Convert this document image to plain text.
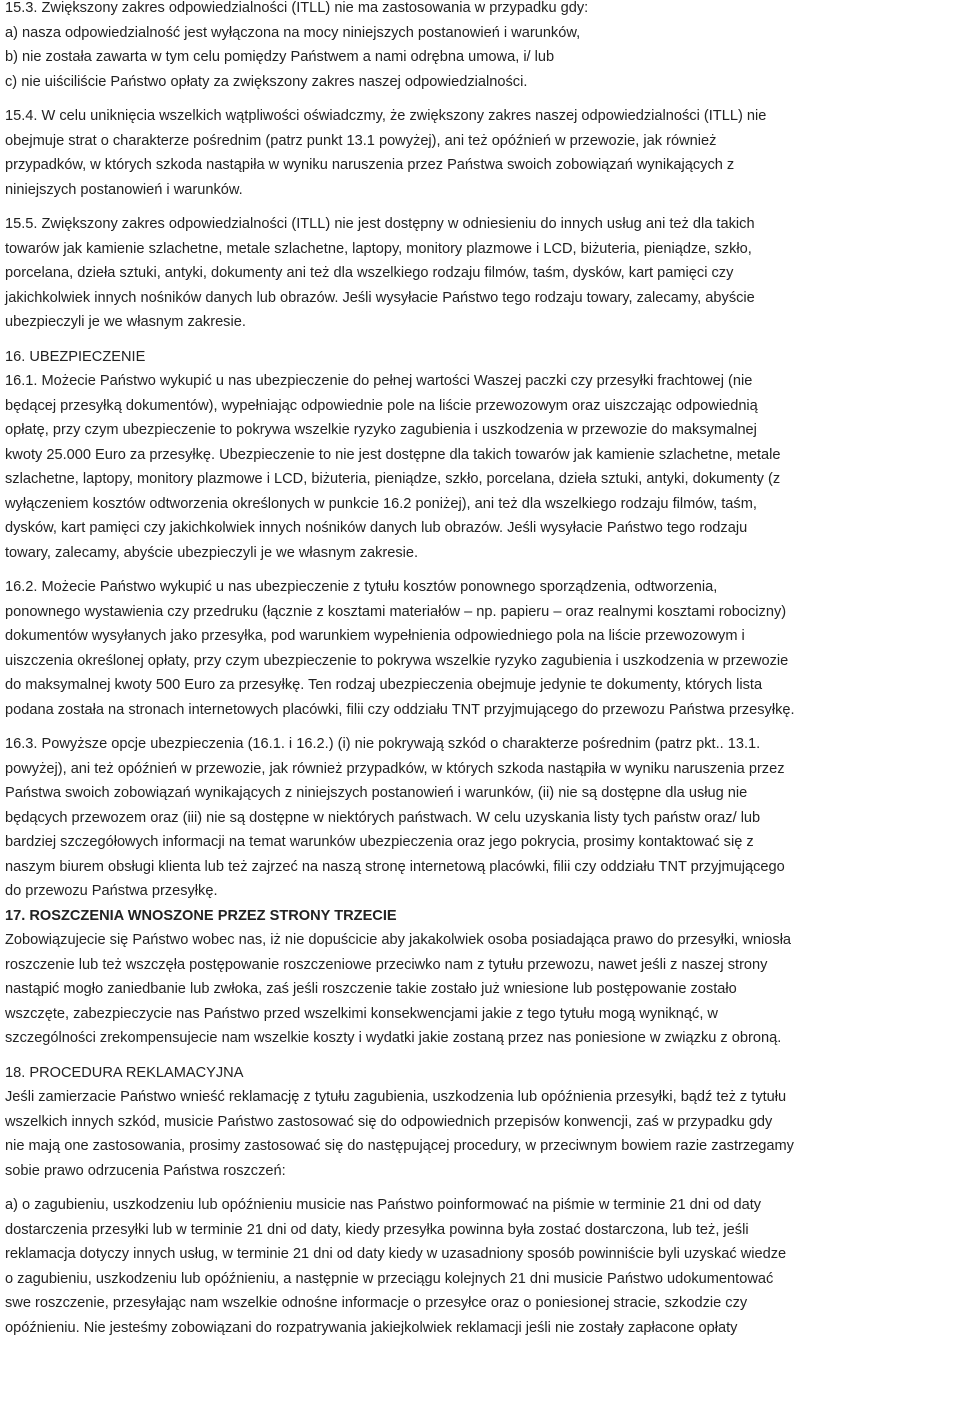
15.3. Zwiększony zakres odpowiedzialności (ITLL) nie ma zastosowania w przypadku gdy:
a) nasza odpowiedzialność jest wyłączona na mocy niniejszych postanowień i warunków,
b) nie została zawarta w tym celu pomiędzy Państwem a nami odrębna umowa, i/ lub
c) nie uiściliście Państwo opłaty za zwiększony zakres naszej odpowiedzialności.
15.4. W celu uniknięcia wszelkich wątpliwości oświadczmy, że zwiększony zakres naszej odpowiedzialności (ITLL) nie
obejmuje strat o charakterze pośrednim (patrz punkt 13.1 powyżej), ani też opóźnień w przewozie, jak również
przypadków, w których szkoda nastąpiła w wyniku naruszenia przez Państwa swoich zobowiązań wynikających z
niniejszych postanowień i warunków.
15.5. Zwiększony zakres odpowiedzialności (ITLL) nie jest dostępny w odniesieniu do innych usług ani też dla takich
towarów jak kamienie szlachetne, metale szlachetne, laptopy, monitory plazmowe i LCD, biżuteria, pieniądze, szkło,
porcelana, dzieła sztuki, antyki, dokumenty ani też dla wszelkiego rodzaju filmów, taśm, dysków, kart pamięci czy
jakichkolwiek innych nośników danych lub obrazów. Jeśli wysyłacie Państwo tego rodzaju towary, zalecamy, abyście
ubezpieczyli je we własnym zakresie.
16. UBEZPIECZENIE
16.1. Możecie Państwo wykupić u nas ubezpieczenie do pełnej wartości Waszej paczki czy przesyłki frachtowej (nie
będącej przesyłką dokumentów), wypełniając odpowiednie pole na liście przewozowym oraz uiszczając odpowiednią
opłatę, przy czym ubezpieczenie to pokrywa wszelkie ryzyko zagubienia i uszkodzenia w przewozie do maksymalnej
kwoty 25.000 Euro za przesyłkę. Ubezpieczenie to nie jest dostępne dla takich towarów jak kamienie szlachetne, metale
szlachetne, laptopy, monitory plazmowe i LCD, biżuteria, pieniądze, szkło, porcelana, dzieła sztuki, antyki, dokumenty (z
wyłączeniem kosztów odtworzenia określonych w punkcie 16.2 poniżej), ani też dla wszelkiego rodzaju filmów, taśm,
dysków, kart pamięci czy jakichkolwiek innych nośników danych lub obrazów. Jeśli wysyłacie Państwo tego rodzaju
towary, zalecamy, abyście ubezpieczyli je we własnym zakresie.
16.2. Możecie Państwo wykupić u nas ubezpieczenie z tytułu kosztów ponownego sporządzenia, odtworzenia,
ponownego wystawienia czy przedruku (łącznie z kosztami materiałów – np. papieru – oraz realnymi kosztami robocizny)
dokumentów wysyłanych jako przesyłka, pod warunkiem wypełnienia odpowiedniego pola na liście przewozowym i
uiszczenia określonej opłaty, przy czym ubezpieczenie to pokrywa wszelkie ryzyko zagubienia i uszkodzenia w przewozie
do maksymalnej kwoty 500 Euro za przesyłkę. Ten rodzaj ubezpieczenia obejmuje jedynie te dokumenty, których lista
podana została na stronach internetowych placówki, filii czy oddziału TNT przyjmującego do przewozu Państwa przesyłkę.
16.3. Powyższe opcje ubezpieczenia (16.1. i 16.2.) (i) nie pokrywają szkód o charakterze pośrednim (patrz pkt.. 13.1.
powyżej), ani też opóźnień w przewozie, jak również przypadków, w których szkoda nastąpiła w wyniku naruszenia przez
Państwa swoich zobowiązań wynikających z niniejszych postanowień i warunków, (ii) nie są dostępne dla usług nie
będących przewozem oraz (iii) nie są dostępne w niektórych państwach. W celu uzyskania listy tych państw oraz/ lub
bardziej szczegółowych informacji na temat warunków ubezpieczenia oraz jego pokrycia, prosimy kontaktować się z
naszym biurem obsługi klienta lub też zajrzeć na naszą stronę internetową placówki, filii czy oddziału TNT przyjmującego
do przewozu Państwa przesyłkę.
17. ROSZCZENIA WNOSZONE PRZEZ STRONY TRZECIE
Zobowiązujecie się Państwo wobec nas, iż nie dopuścicie aby jakakolwiek osoba posiadająca prawo do przesyłki, wniosła
roszczenie lub też wszczęła postępowanie roszczeniowe przeciwko nam z tytułu przewozu, nawet jeśli z naszej strony
nastąpić mogło zaniedbanie lub zwłoka, zaś jeśli roszczenie takie zostało już wniesione lub postępowanie zostało
wszczęte, zabezpieczycie nas Państwo przed wszelkimi konsekwencjami jakie z tego tytułu mogą wyniknąć, w
szczególności zrekompensujecie nam wszelkie koszty i wydatki jakie zostaną przez nas poniesione w związku z obroną.
18. PROCEDURA REKLAMACYJNA
Jeśli zamierzacie Państwo wnieść reklamację z tytułu zagubienia, uszkodzenia lub opóźnienia przesyłki, bądź też z tytułu
wszelkich innych szkód, musicie Państwo zastosować się do odpowiednich przepisów konwencji, zaś w przypadku gdy
nie mają one zastosowania, prosimy zastosować się do następującej procedury, w przeciwnym bowiem razie zastrzegamy
sobie prawo odrzucenia Państwa roszczeń:
a) o zagubieniu, uszkodzeniu lub opóźnieniu musicie nas Państwo poinformować na piśmie w terminie 21 dni od daty
dostarczenia przesyłki lub w terminie 21 dni od daty, kiedy przesyłka powinna była zostać dostarczona, lub też, jeśli
reklamacja dotyczy innych usług, w terminie 21 dni od daty kiedy w uzasadniony sposób powinniście byli uzyskać wiedze
o zagubieniu, uszkodzeniu lub opóźnieniu, a następnie w przeciągu kolejnych 21 dni musicie Państwo udokumentować
swe roszczenie, przesyłając nam wszelkie odnośne informacje o przesyłce oraz o poniesionej stracie, szkodzie czy
opóźnieniu. Nie jesteśmy zobowiązani do rozpatrywania jakiejkolwiek reklamacji jeśli nie zostały zapłacone opłaty
